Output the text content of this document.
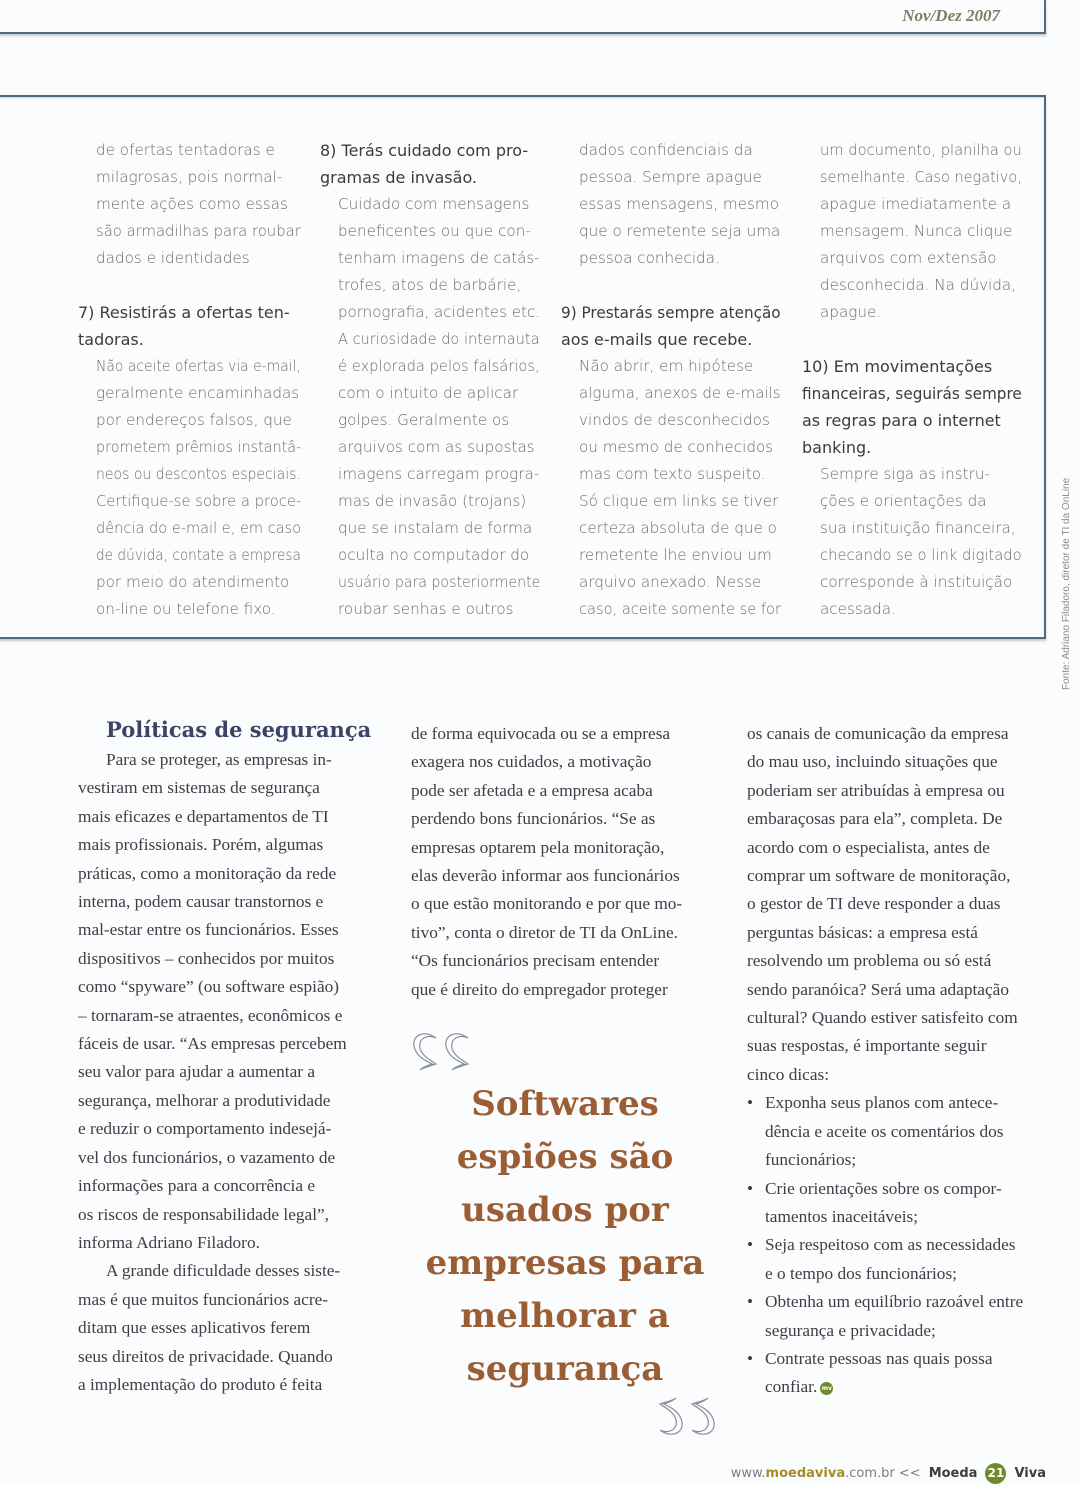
Nov/Dez 2007

de ofertas tentadoras e

milagrosas, pois normal-

mente ações como essas

são armadilhas para roubar

dados e identidades

7) Resistirás a ofertas ten-

tadoras.

Não aceite ofertas via e-mail,

geralmente encaminhadas

por endereços falsos, que

prometem prêmios instantâ-

neos ou descontos especiais.

Certifique-se sobre a proce-

dência do e-mail e, em caso

de dúvida, contate a empresa

por meio do atendimento

on-line ou telefone fixo.

8) Terás cuidado com pro-

gramas de invasão.

Cuidado com mensagens

beneficentes ou que con-

tenham imagens de catás-

trofes, atos de barbárie,

pornografia, acidentes etc.

A curiosidade do internauta

é explorada pelos falsários,

com o intuito de aplicar

golpes. Geralmente os

arquivos com as supostas

imagens carregam progra-

mas de invasão (trojans)

que se instalam de forma

oculta no computador do

usuário para posteriormente

roubar senhas e outros

dados confidenciais da

pessoa. Sempre apague

essas mensagens, mesmo

que o remetente seja uma

pessoa conhecida.

9) Prestarás sempre atenção

aos e-mails que recebe.

Não abrir, em hipótese

alguma, anexos de e-mails

vindos de desconhecidos

ou mesmo de conhecidos

mas com texto suspeito.

Só clique em links se tiver

certeza absoluta de que o

remetente lhe enviou um

arquivo anexado. Nesse

caso, aceite somente se for

um documento, planilha ou

semelhante. Caso negativo,

apague imediatamente a

mensagem. Nunca clique

arquivos com extensão

desconhecida. Na dúvida,

apague.

10) Em movimentações

financeiras, seguirás sempre

as regras para o internet

banking.

Sempre siga as instru-

ções e orientações da

sua instituição financeira,

checando se o link digitado

corresponde à instituição

acessada.	Fonte: Adriano Filadoro, diretor de TI da OnLine
Políticas de segurança

Para se proteger, as empresas in-

vestiram em sistemas de segurança

mais eficazes e departamentos de TI

mais profissionais. Porém, algumas

práticas, como a monitoração da rede

interna, podem causar transtornos e

mal-estar entre os funcionários. Esses

dispositivos – conhecidos por muitos

como “spyware” (ou software espião)

– tornaram-se atraentes, econômicos e

fáceis de usar. “As empresas percebem

seu valor para ajudar a aumentar a

segurança, melhorar a produtividade

e reduzir o comportamento indesejá-

vel dos funcionários, o vazamento de

informações para a concorrência e

os riscos de responsabilidade legal”,

informa Adriano Filadoro.

A grande dificuldade desses siste-

mas é que muitos funcionários acre-

ditam que esses aplicativos ferem

seus direitos de privacidade. Quando

a implementação do produto é feita

de forma equivocada ou se a empresa

exagera nos cuidados, a motivação

pode ser afetada e a empresa acaba

perdendo bons funcionários. “Se as

empresas optarem pela monitoração,

elas deverão informar aos funcionários

o que estão monitorando e por que mo-

tivo”, conta o diretor de TI da OnLine.

“Os funcionários precisam entender

que é direito do empregador proteger

os canais de comunicação da empresa

do mau uso, incluindo situações que

poderiam ser atribuídas à empresa ou

embaraçosas para ela”, completa. De

acordo com o especialista, antes de

comprar um software de monitoração,

o gestor de TI deve responder a duas

perguntas básicas: a empresa está

resolvendo um problema ou só está

sendo paranóica? Será uma adaptação

cultural? Quando estiver satisfeito com

suas respostas, é importante seguir

cinco dicas:

• Exponha seus planos com antece-

dência e aceite os comentários dos

funcionários;

• Crie orientações sobre os compor-

tamentos inaceitáveis;

• Seja respeitoso com as necessidades

e o tempo dos funcionários;

• Obtenha um equilíbrio razoável entre

segurança e privacidade;

• Contrate pessoas nas quais possa

confiar. mv

Softwares

espiões são

usados por

empresas para

melhorar a

segurança

www.moedaviva.com.br << Moeda 21 Viva
